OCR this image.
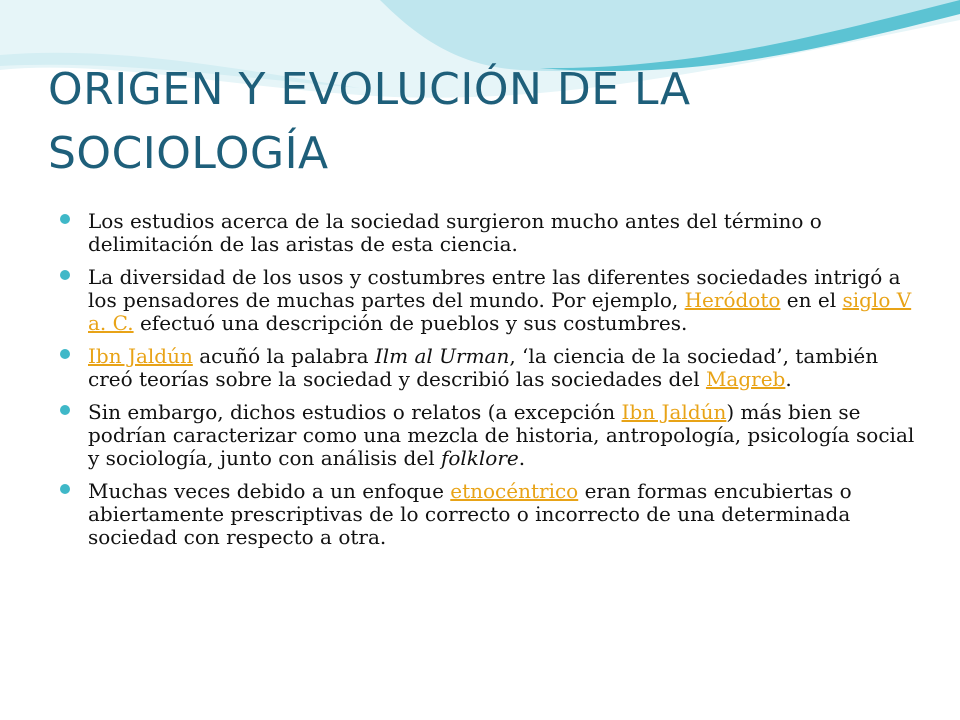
ORIGEN Y EVOLUCIÓN DE LA
SOCIOLOGÍA
Los estudios acerca de la sociedad surgieron mucho antes del término o delimitación de las aristas de esta ciencia.
La diversidad de los usos y costumbres entre las diferentes sociedades intrigó a los pensadores de muchas partes del mundo. Por ejemplo, Heródoto en el siglo V a. C. efectuó una descripción de pueblos y sus costumbres.
Ibn Jaldún acuñó la palabra Ilm al Urman, ‘la ciencia de la sociedad’, también creó teorías sobre la sociedad y describió las sociedades del Magreb.
Sin embargo, dichos estudios o relatos (a excepción Ibn Jaldún) más bien se podrían caracterizar como una mezcla de historia, antropología, psicología social y sociología, junto con análisis del folklore.
Muchas veces debido a un enfoque etnocéntrico eran formas encubiertas o abiertamente prescriptivas de lo correcto o incorrecto de una determinada sociedad con respecto a otra.
